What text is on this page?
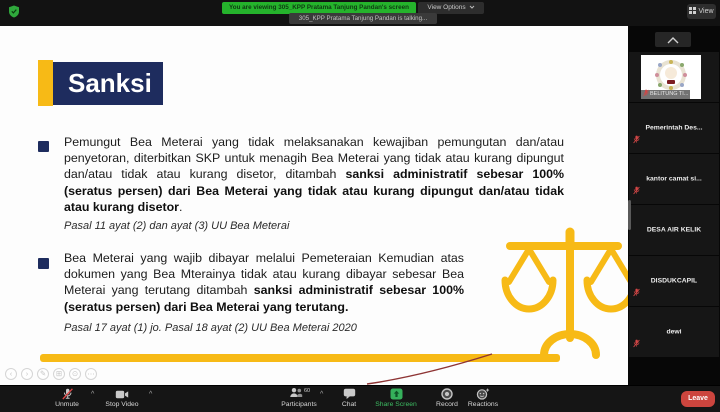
You are viewing 305_KPP Pratama Tanjung Pandan's screen	View Options
305_KPP Pratama Tanjung Pandan is talking...
View
Sanksi

Pemungut Bea Meterai yang tidak melaksanakan kewajiban pemungutan dan/atau penyetoran, diterbitkan SKP untuk menagih Bea Meterai yang tidak atau kurang dipungut dan/atau tidak atau kurang disetor, ditambah sanksi administratif sebesar 100% (seratus persen) dari Bea Meterai yang tidak atau kurang dipungut dan/atau tidak atau kurang disetor.

Pasal 11 ayat (2) dan ayat (3) UU Bea Meterai

Bea Meterai yang wajib dibayar melalui Pemeteraian Kemudian atas dokumen yang Bea Mterainya tidak atau kurang dibayar sebesar Bea Meterai yang terutang ditambah sanksi administratif sebesar 100% (seratus persen) dari Bea Meterai yang terutang.

Pasal 17 ayat (1) jo. Pasal 18 ayat (2) UU Bea Meterai 2020

‹	›	✎	⊞	⊙	⋯
BELITUNG TI...
Pemerintah Des...
kantor camat si...
DESA AIR KELIK
DISDUKCAPIL
dewi
Unmute
^
Stop Video
^	60
Participants
^
Chat	Share Screen	Record	Reactions
Leave
